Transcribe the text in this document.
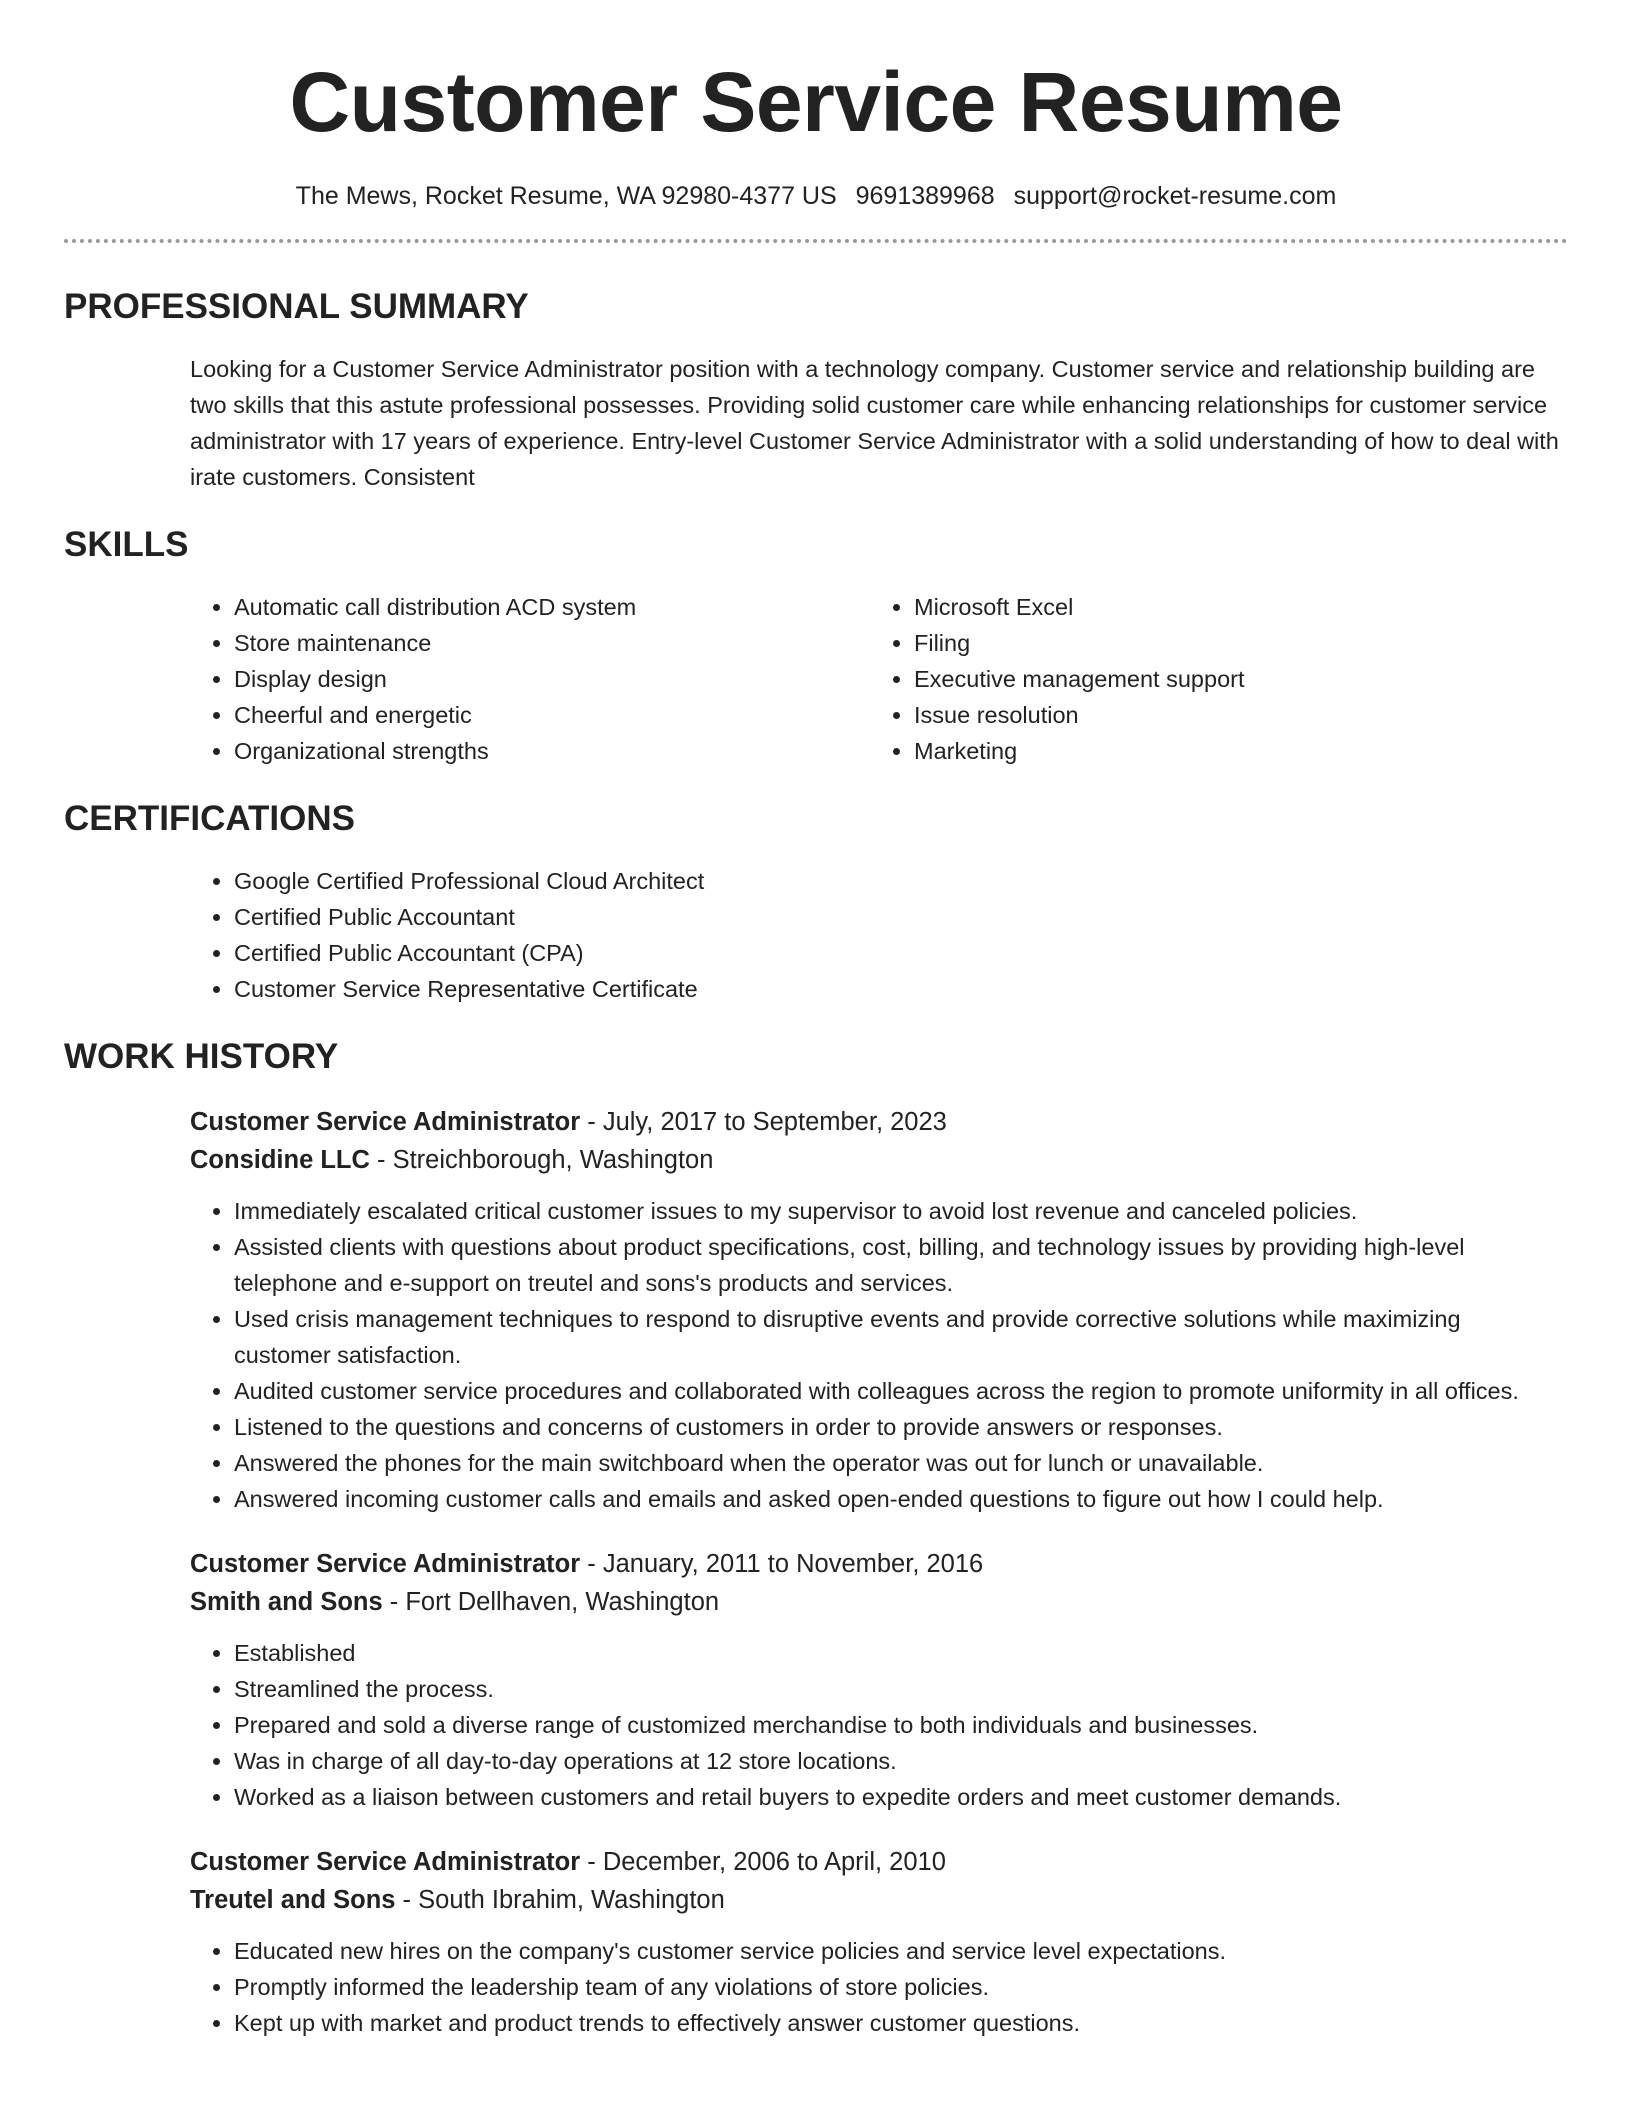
Customer Service Resume
The Mews, Rocket Resume, WA 92980-4377 US 9691389968 support@rocket-resume.com
PROFESSIONAL SUMMARY

Looking for a Customer Service Administrator position with a technology company. Customer service and relationship building are two skills that this astute professional possesses. Providing solid customer care while enhancing relationships for customer service administrator with 17 years of experience. Entry-level Customer Service Administrator with a solid understanding of how to deal with irate customers. Consistent

SKILLS
• Automatic call distribution ACD system
• Store maintenance
• Display design
• Cheerful and energetic
• Organizational strengths
• Microsoft Excel
• Filing
• Executive management support
• Issue resolution
• Marketing
CERTIFICATIONS
• Google Certified Professional Cloud Architect
• Certified Public Accountant
• Certified Public Accountant (CPA)
• Customer Service Representative Certificate
WORK HISTORY
Customer Service Administrator - July, 2017 to September, 2023
Considine LLC - Streichborough, Washington
• Immediately escalated critical customer issues to my supervisor to avoid lost revenue and canceled policies.
• Assisted clients with questions about product specifications, cost, billing, and technology issues by providing high-level telephone and e-support on treutel and sons's products and services.
• Used crisis management techniques to respond to disruptive events and provide corrective solutions while maximizing customer satisfaction.
• Audited customer service procedures and collaborated with colleagues across the region to promote uniformity in all offices.
• Listened to the questions and concerns of customers in order to provide answers or responses.
• Answered the phones for the main switchboard when the operator was out for lunch or unavailable.
• Answered incoming customer calls and emails and asked open-ended questions to figure out how I could help.
Customer Service Administrator - January, 2011 to November, 2016
Smith and Sons - Fort Dellhaven, Washington
• Established
• Streamlined the process.
• Prepared and sold a diverse range of customized merchandise to both individuals and businesses.
• Was in charge of all day-to-day operations at 12 store locations.
• Worked as a liaison between customers and retail buyers to expedite orders and meet customer demands.
Customer Service Administrator - December, 2006 to April, 2010
Treutel and Sons - South Ibrahim, Washington
• Educated new hires on the company's customer service policies and service level expectations.
• Promptly informed the leadership team of any violations of store policies.
• Kept up with market and product trends to effectively answer customer questions.
